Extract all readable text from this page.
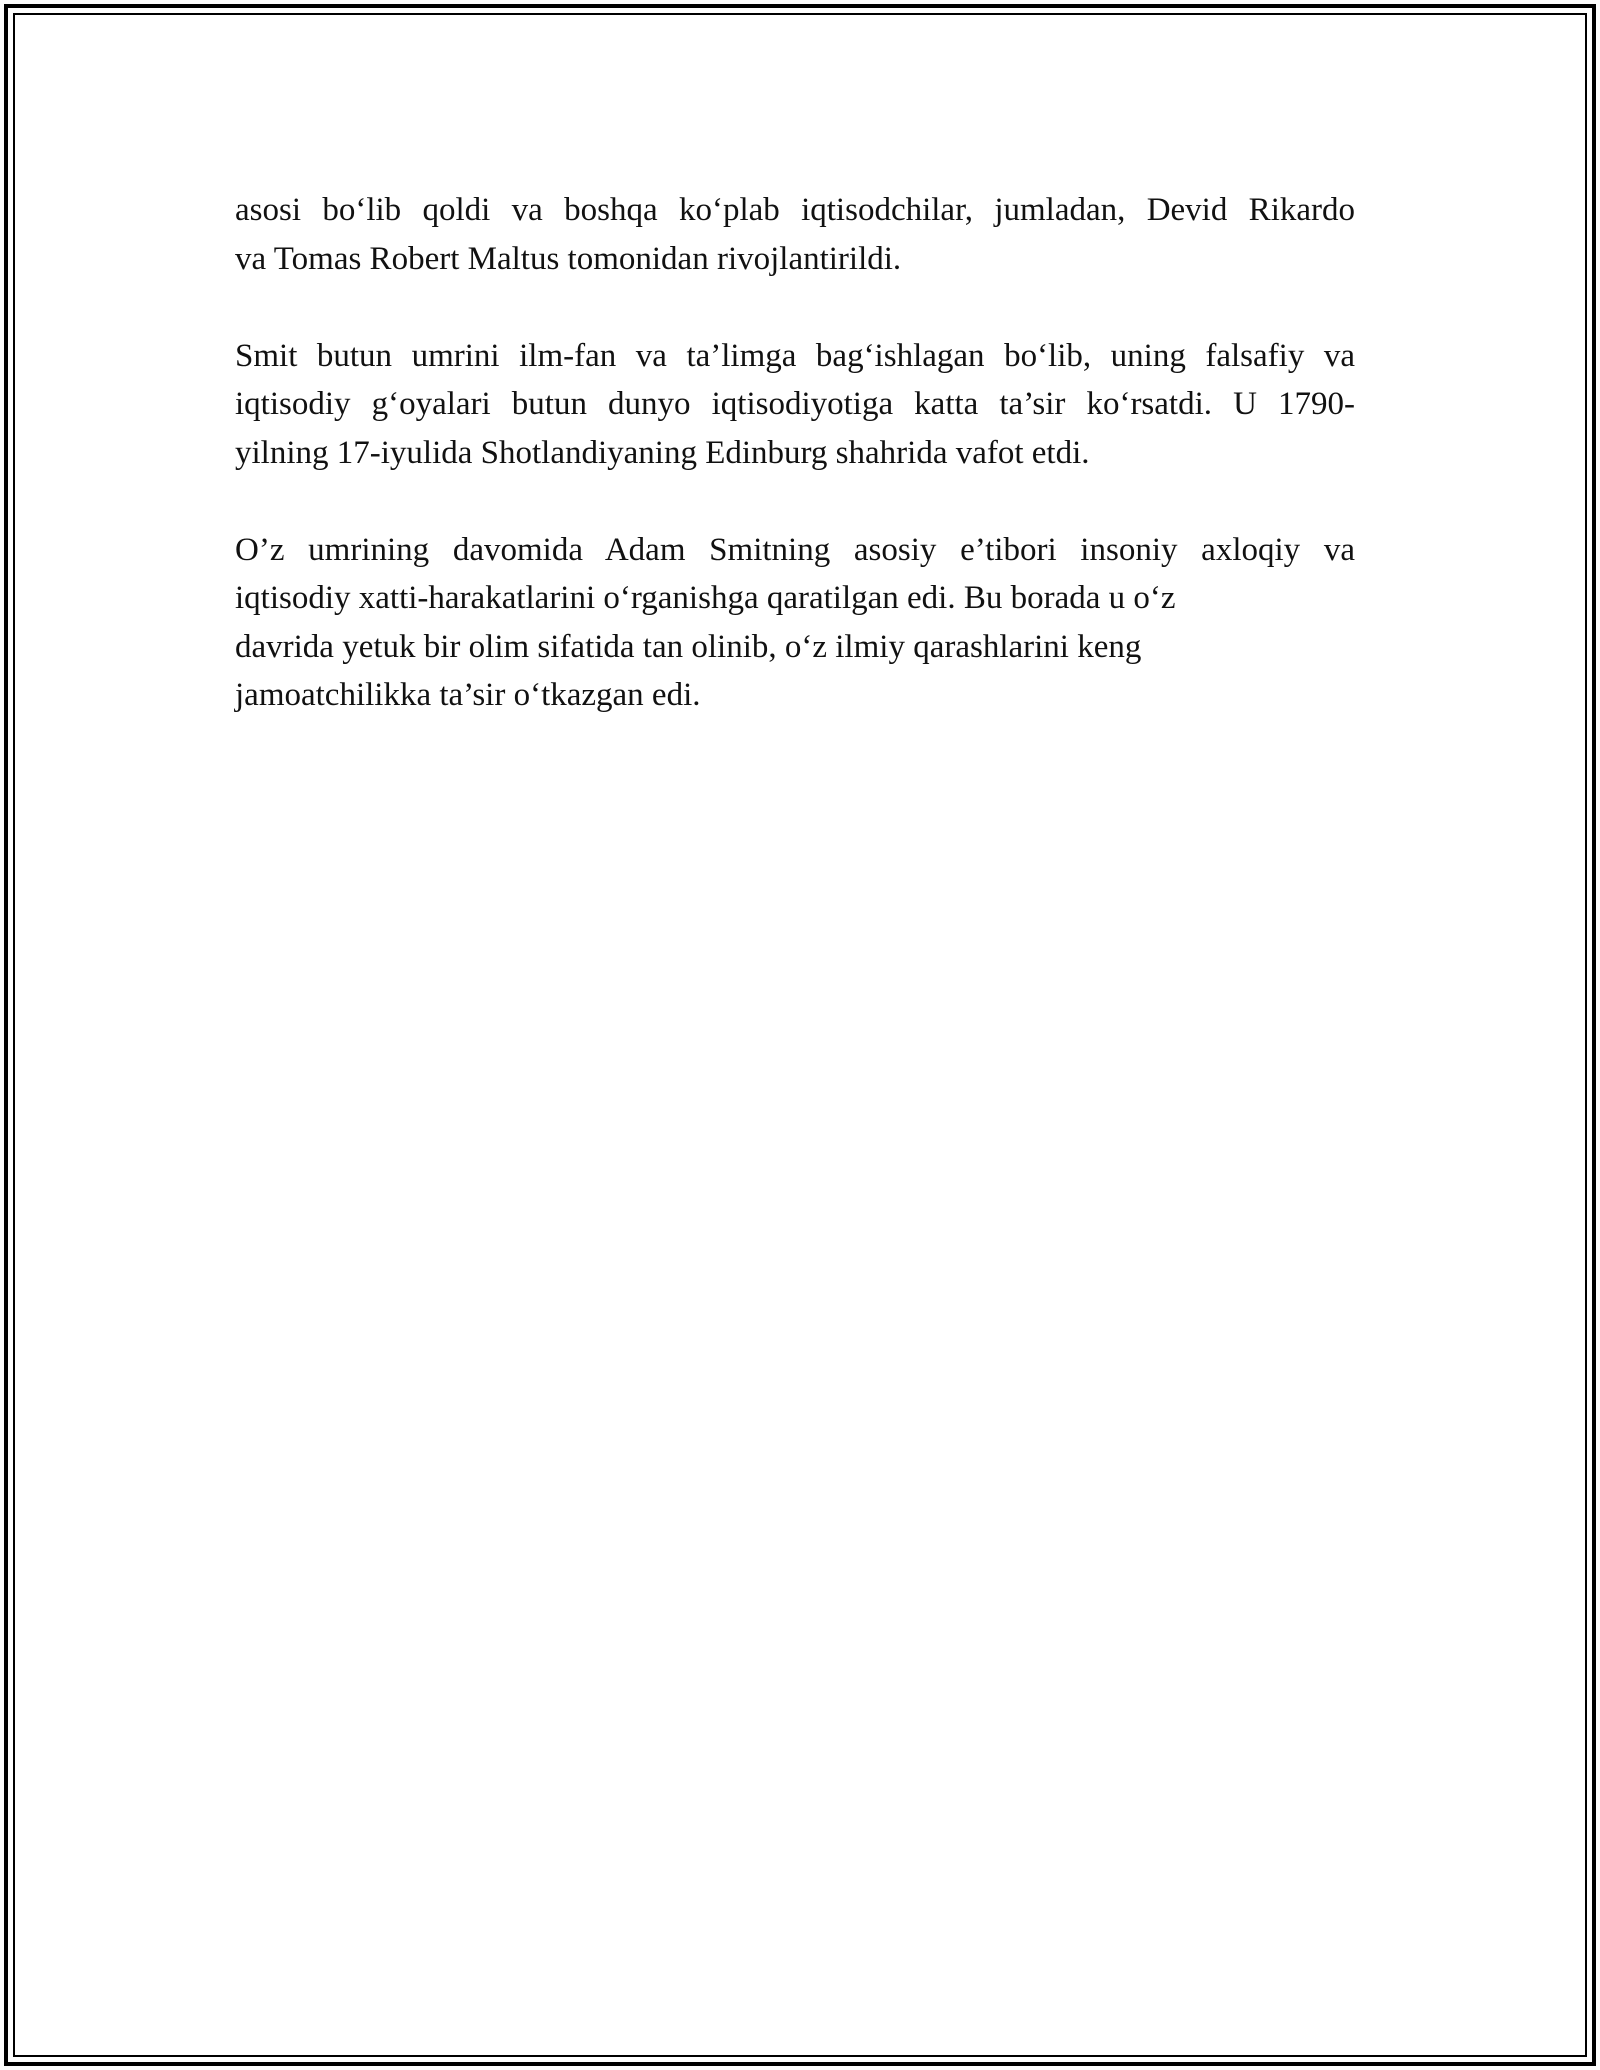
asosi bo‘lib qoldi va boshqa ko‘plab iqtisodchilar, jumladan, Devid Rikardo
va Tomas Robert Maltus tomonidan rivojlantirildi.

Smit butun umrini ilm-fan va ta’limga bag‘ishlagan bo‘lib, uning falsafiy va
iqtisodiy g‘oyalari butun dunyo iqtisodiyotiga katta ta’sir ko‘rsatdi. U 1790-
yilning 17-iyulida Shotlandiyaning Edinburg shahrida vafot etdi.

O’z umrining davomida Adam Smitning asosiy e’tibori insoniy axloqiy va
iqtisodiy xatti-harakatlarini o‘rganishga qaratilgan edi. Bu borada u o‘z
davrida yetuk bir olim sifatida tan olinib, o‘z ilmiy qarashlarini keng
jamoatchilikka ta’sir o‘tkazgan edi.
